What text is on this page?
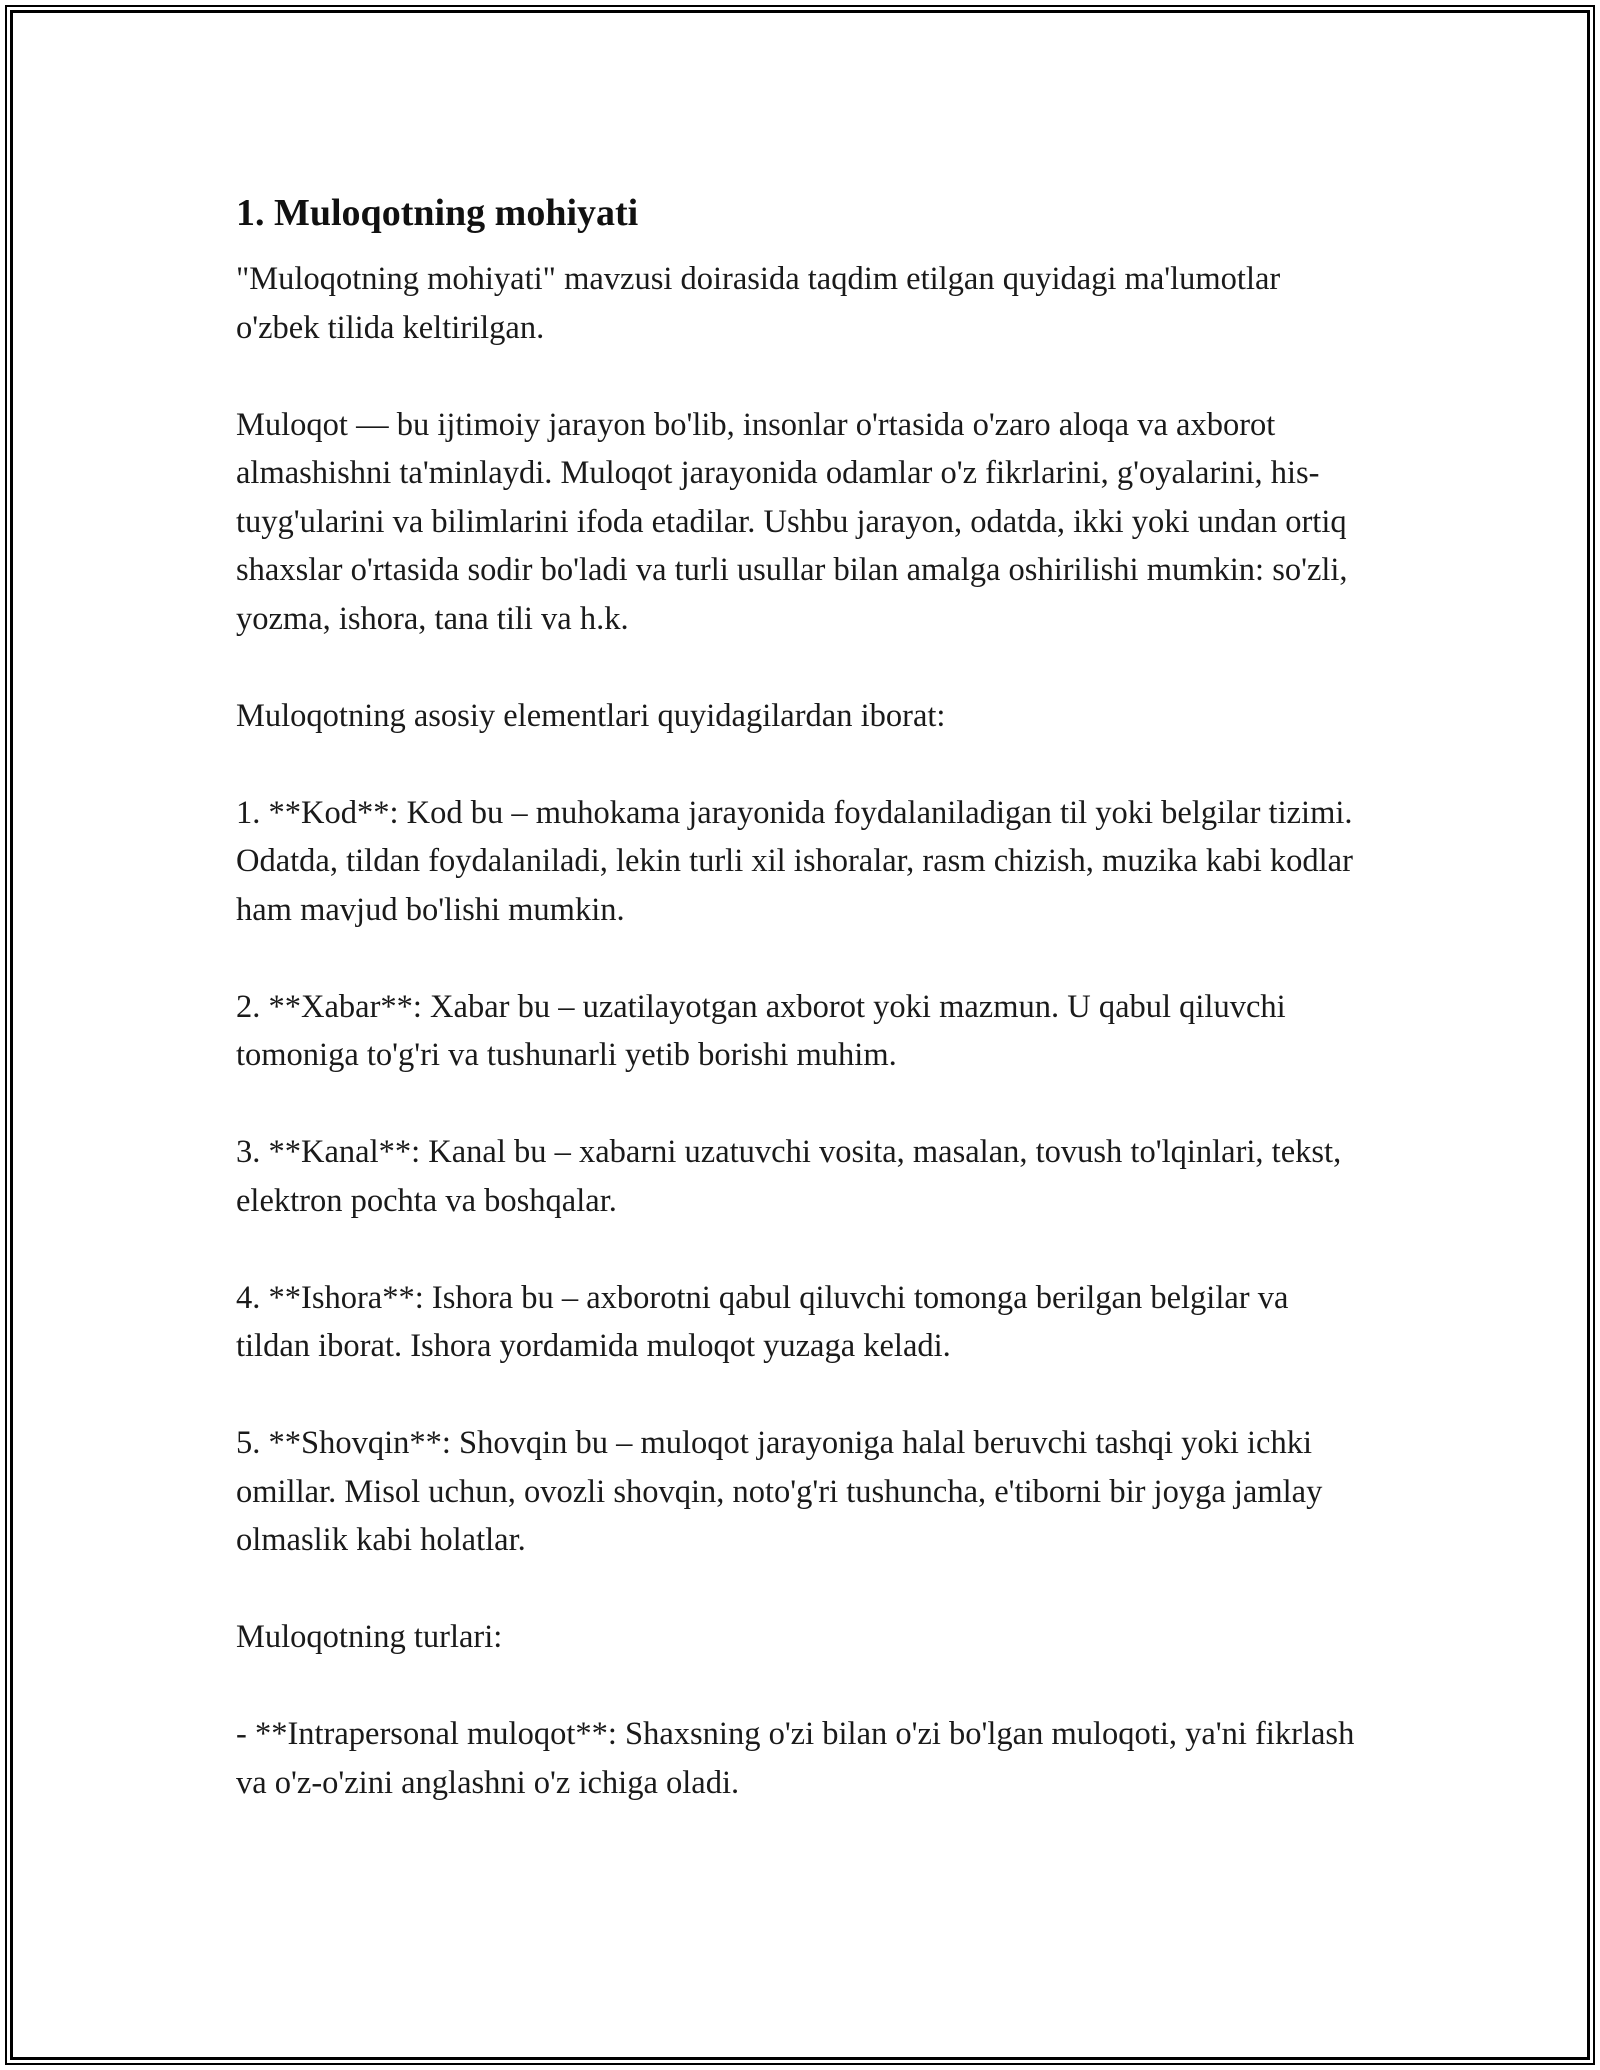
1. Muloqotning mohiyati

"Muloqotning mohiyati" mavzusi doirasida taqdim etilgan quyidagi ma'lumotlar o'zbek tilida keltirilgan.

Muloqot — bu ijtimoiy jarayon bo'lib, insonlar o'rtasida o'zaro aloqa va axborot almashishni ta'minlaydi. Muloqot jarayonida odamlar o'z fikrlarini, g'oyalarini, his-tuyg'ularini va bilimlarini ifoda etadilar. Ushbu jarayon, odatda, ikki yoki undan ortiq shaxslar o'rtasida sodir bo'ladi va turli usullar bilan amalga oshirilishi mumkin: so'zli, yozma, ishora, tana tili va h.k.

Muloqotning asosiy elementlari quyidagilardan iborat:

1. **Kod**: Kod bu – muhokama jarayonida foydalaniladigan til yoki belgilar tizimi. Odatda, tildan foydalaniladi, lekin turli xil ishoralar, rasm chizish, muzika kabi kodlar ham mavjud bo'lishi mumkin.

2. **Xabar**: Xabar bu – uzatilayotgan axborot yoki mazmun. U qabul qiluvchi tomoniga to'g'ri va tushunarli yetib borishi muhim.

3. **Kanal**: Kanal bu – xabarni uzatuvchi vosita, masalan, tovush to'lqinlari, tekst, elektron pochta va boshqalar.

4. **Ishora**: Ishora bu – axborotni qabul qiluvchi tomonga berilgan belgilar va tildan iborat. Ishora yordamida muloqot yuzaga keladi.

5. **Shovqin**: Shovqin bu – muloqot jarayoniga halal beruvchi tashqi yoki ichki omillar. Misol uchun, ovozli shovqin, noto'g'ri tushuncha, e'tiborni bir joyga jamlay olmaslik kabi holatlar.

Muloqotning turlari:

- **Intrapersonal muloqot**: Shaxsning o'zi bilan o'zi bo'lgan muloqoti, ya'ni fikrlash va o'z-o'zini anglashni o'z ichiga oladi.
